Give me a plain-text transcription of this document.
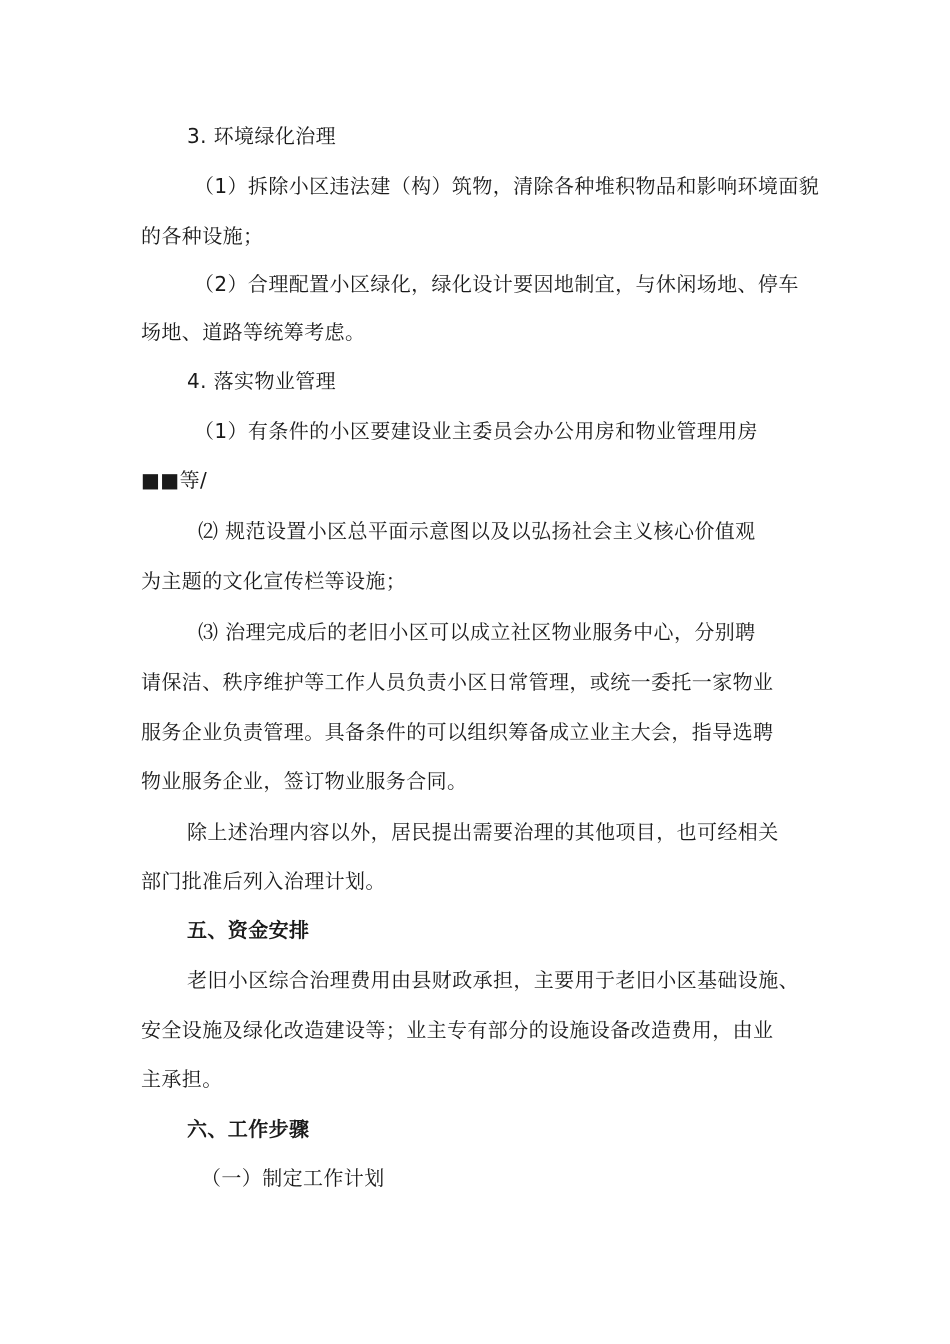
3. 环境绿化治理
（1）拆除小区违法建（构）筑物，清除各种堆积物品和影响环境面貌
的各种设施；
（2）合理配置小区绿化，绿化设计要因地制宜，与休闲场地、停车
场地、道路等统筹考虑。
4. 落实物业管理
（1）有条件的小区要建设业主委员会办公用房和物业管理用房
■■等/
⑵ 规范设置小区总平面示意图以及以弘扬社会主义核心价值观
为主题的文化宣传栏等设施；
⑶ 治理完成后的老旧小区可以成立社区物业服务中心，分别聘
请保洁、秩序维护等工作人员负责小区日常管理，或统一委托一家物业
服务企业负责管理。具备条件的可以组织筹备成立业主大会，指导选聘
物业服务企业，签订物业服务合同。
除上述治理内容以外，居民提出需要治理的其他项目，也可经相关
部门批准后列入治理计划。
五、资金安排
老旧小区综合治理费用由县财政承担，主要用于老旧小区基础设施、
安全设施及绿化改造建设等；业主专有部分的设施设备改造费用，由业
主承担。
六、工作步骤
（一）制定工作计划
